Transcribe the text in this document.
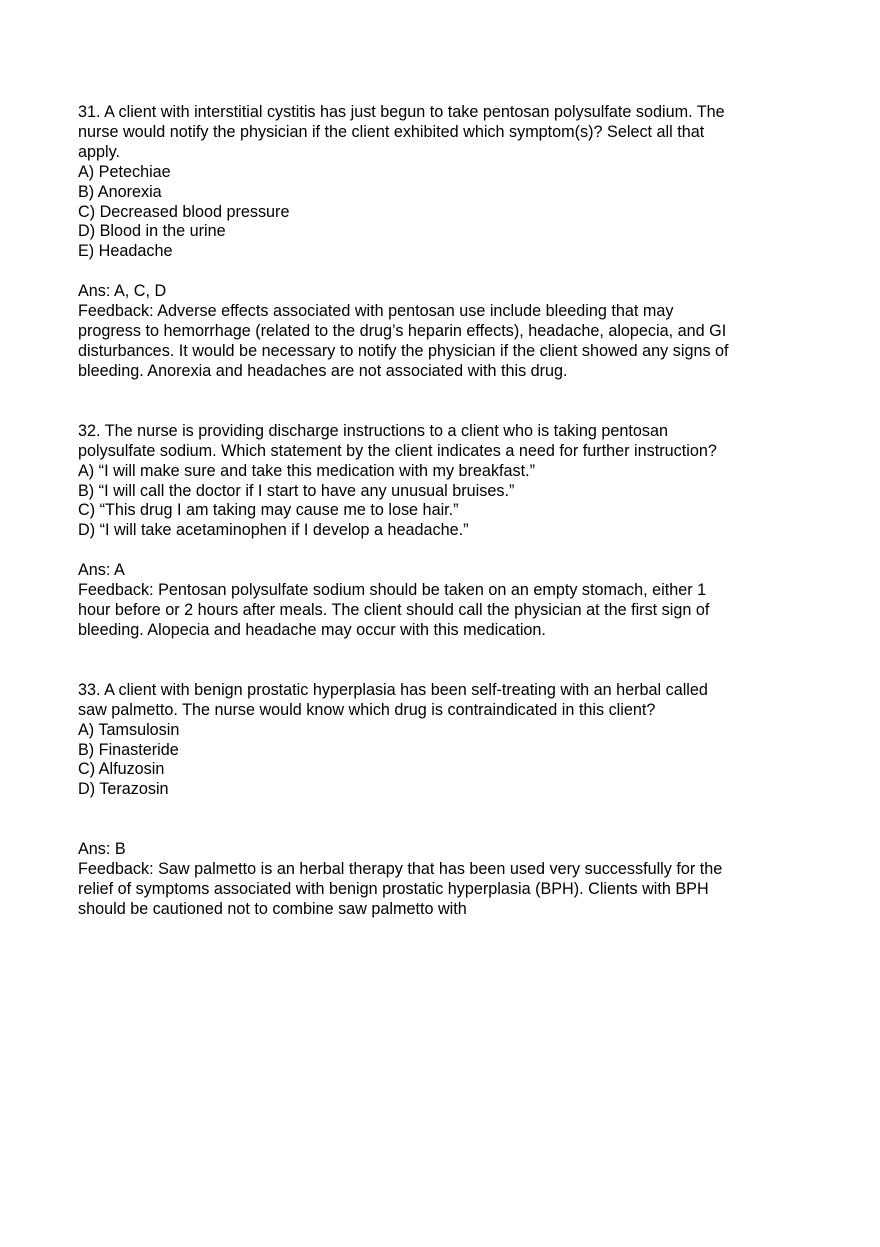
31. A client with interstitial cystitis has just begun to take pentosan polysulfate sodium. The
nurse would notify the physician if the client exhibited which symptom(s)? Select all that
apply.
A) Petechiae
B) Anorexia
C) Decreased blood pressure
D) Blood in the urine
E) Headache
Ans: A, C, D
Feedback: Adverse effects associated with pentosan use include bleeding that may
progress to hemorrhage (related to the drug’s heparin effects), headache, alopecia, and GI
disturbances. It would be necessary to notify the physician if the client showed any signs of
bleeding. Anorexia and headaches are not associated with this drug.
32. The nurse is providing discharge instructions to a client who is taking pentosan
polysulfate sodium. Which statement by the client indicates a need for further instruction?
A) “I will make sure and take this medication with my breakfast.”
B) “I will call the doctor if I start to have any unusual bruises.”
C) “This drug I am taking may cause me to lose hair.”
D) “I will take acetaminophen if I develop a headache.”
Ans: A
Feedback: Pentosan polysulfate sodium should be taken on an empty stomach, either 1
hour before or 2 hours after meals. The client should call the physician at the first sign of
bleeding. Alopecia and headache may occur with this medication.
33. A client with benign prostatic hyperplasia has been self-treating with an herbal called
saw palmetto. The nurse would know which drug is contraindicated in this client?
A) Tamsulosin
B) Finasteride
C) Alfuzosin
D) Terazosin
Ans: B
Feedback: Saw palmetto is an herbal therapy that has been used very successfully for the
relief of symptoms associated with benign prostatic hyperplasia (BPH). Clients with BPH
should be cautioned not to combine saw palmetto with
